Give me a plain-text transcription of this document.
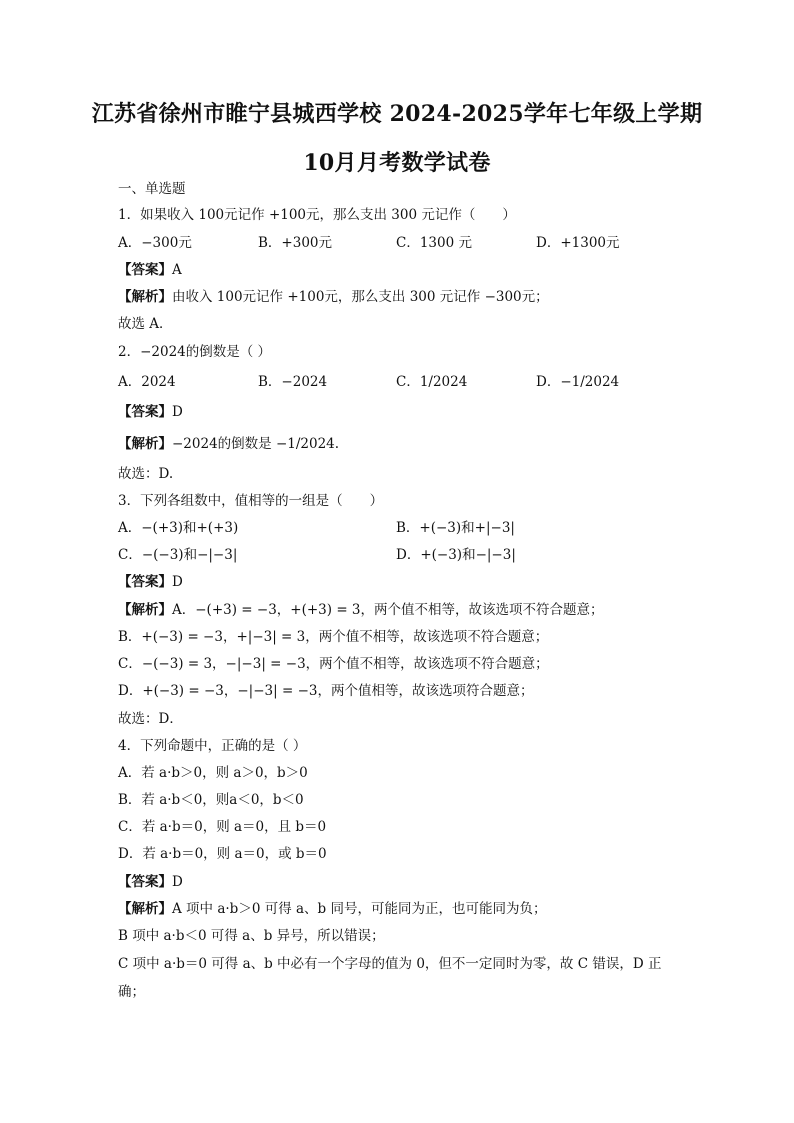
江苏省徐州市睢宁县城西学校 2024-2025学年七年级上学期
10月月考数学试卷
一、单选题
1．如果收入 100元记作 +100元，那么支出 300 元记作（　　）
A．−300元	B．+300元	C．1300 元	D．+1300元
【答案】A
【解析】由收入 100元记作 +100元，那么支出 300 元记作 −300元；
故选 A．
2．−2024的倒数是（ ）
A．2024	B．−2024	C．1/2024	D．−1/2024
【答案】D
【解析】−2024的倒数是 −1/2024.
故选：D.
3．下列各组数中，值相等的一组是（　　）
A．−(+3)和+(+3)	B．+(−3)和+|−3|
C．−(−3)和−|−3|	D．+(−3)和−|−3|
【答案】D
【解析】A．−(+3) = −3，+(+3) = 3，两个值不相等，故该选项不符合题意；
B．+(−3) = −3，+|−3| = 3，两个值不相等，故该选项不符合题意；
C．−(−3) = 3，−|−3| = −3，两个值不相等，故该选项不符合题意；
D．+(−3) = −3，−|−3| = −3，两个值相等，故该选项符合题意；
故选：D．
4．下列命题中，正确的是（ ）
A．若 a·b＞0，则 a＞0，b＞0
B．若 a·b＜0，则a＜0，b＜0
C．若 a·b＝0，则 a＝0，且 b＝0
D．若 a·b＝0，则 a＝0，或 b＝0
【答案】D
【解析】A 项中 a·b＞0 可得 a、b 同号，可能同为正，也可能同为负；
B 项中 a·b＜0 可得 a、b 异号，所以错误；
C 项中 a·b＝0 可得 a、b 中必有一个字母的值为 0，但不一定同时为零，故 C 错误，D 正
确；
